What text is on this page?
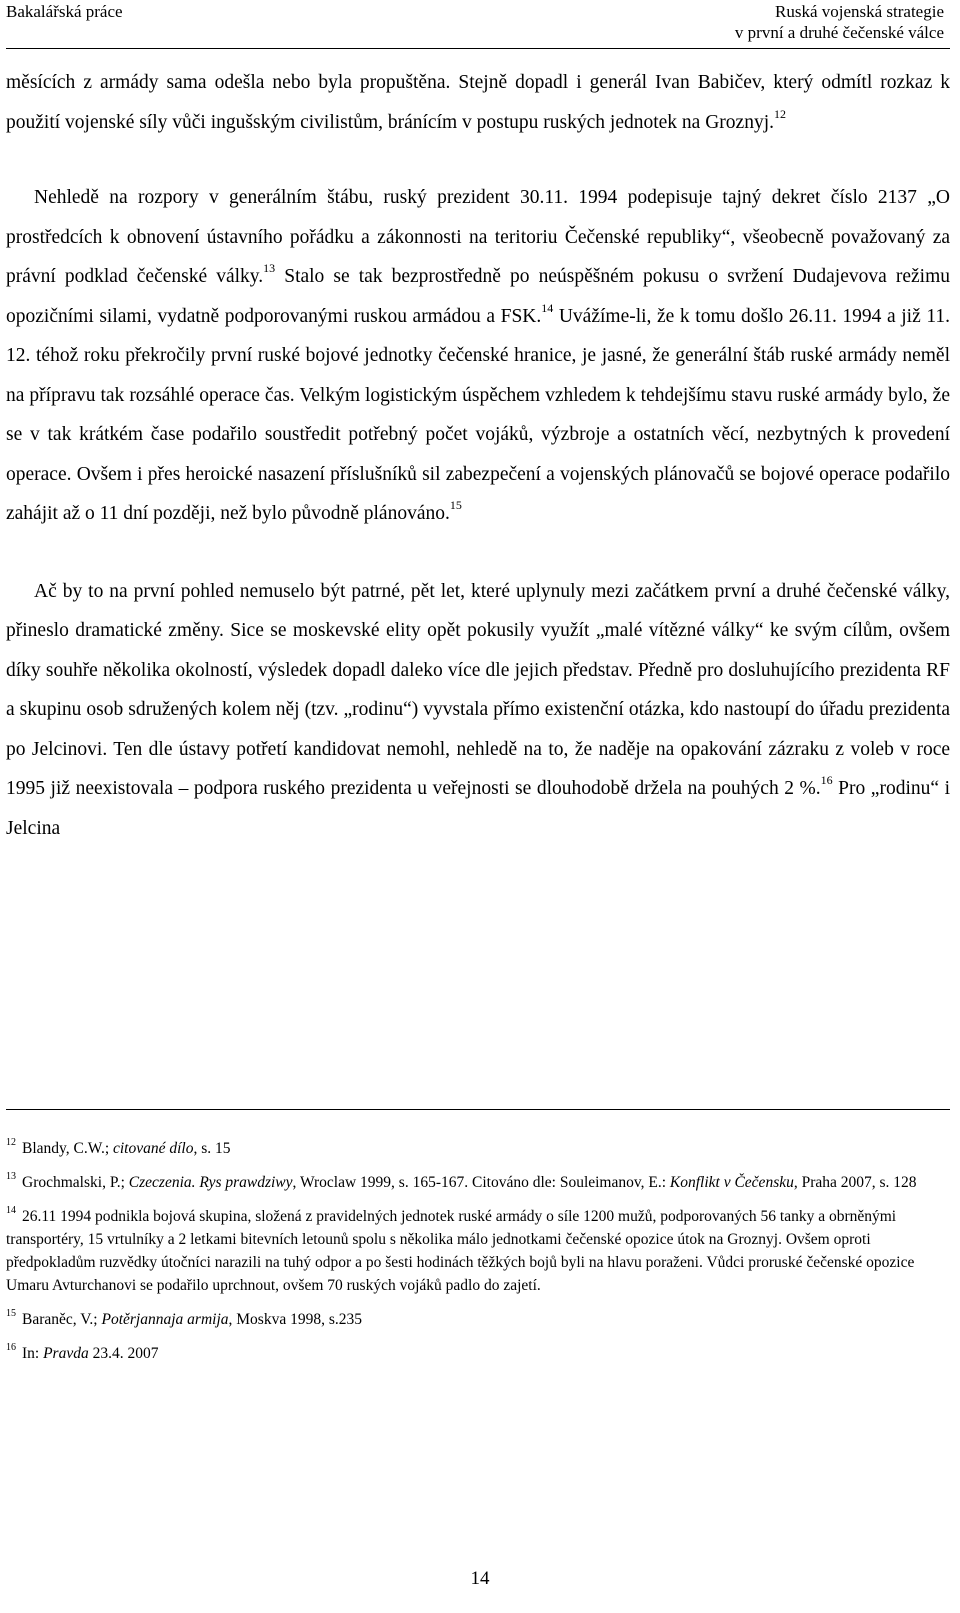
Bakalářská práce	Ruská vojenská strategie
v první a druhé čečenské válce

měsících z armády sama odešla nebo byla propuštěna. Stejně dopadl i generál Ivan Babičev, který odmítl rozkaz k použití vojenské síly vůči ingušským civilistům, bránícím v postupu ruských jednotek na Groznyj.$^{12}$

Nehledě na rozpory v generálním štábu, ruský prezident 30.11. 1994 podepisuje tajný dekret číslo 2137 „O prostředcích k obnovení ústavního pořádku a zákonnosti na teritoriu Čečenské republiky“, všeobecně považovaný za právní podklad čečenské války.$^{13}$ Stalo se tak bezprostředně po neúspěšném pokusu o svržení Dudajevova režimu opozičními silami, vydatně podporovanými ruskou armádou a FSK.$^{14}$ Uvážíme-li, že k tomu došlo 26.11. 1994 a již 11. 12. téhož roku překročily první ruské bojové jednotky čečenské hranice, je jasné, že generální štáb ruské armády neměl na přípravu tak rozsáhlé operace čas. Velkým logistickým úspěchem vzhledem k tehdejšímu stavu ruské armády bylo, že se v tak krátkém čase podařilo soustředit potřebný počet vojáků, výzbroje a ostatních věcí, nezbytných k provedení operace. Ovšem i přes heroické nasazení příslušníků sil zabezpečení a vojenských plánovačů se bojové operace podařilo zahájit až o 11 dní později, než bylo původně plánováno.$^{15}$

Ač by to na první pohled nemuselo být patrné, pět let, které uplynuly mezi začátkem první a druhé čečenské války, přineslo dramatické změny. Sice se moskevské elity opět pokusily využít „malé vítězné války“ ke svým cílům, ovšem díky souhře několika okolností, výsledek dopadl daleko více dle jejich představ. Předně pro dosluhujícího prezidenta RF a skupinu osob sdružených kolem něj (tzv. „rodinu“) vyvstala přímo existenční otázka, kdo nastoupí do úřadu prezidenta po Jelcinovi. Ten dle ústavy potřetí kandidovat nemohl, nehledě na to, že naděje na opakování zázraku z voleb v roce 1995 již neexistovala – podpora ruského prezidenta u veřejnosti se dlouhodobě držela na pouhých 2 %.$^{16}$ Pro „rodinu“ i Jelcina

$^{12}$ Blandy, C.W.; citované dílo, s. 15

$^{13}$ Grochmalski, P.; Czeczenia. Rys prawdziwy, Wroclaw 1999, s. 165-167. Citováno dle: Souleimanov, E.: Konflikt v Čečensku, Praha 2007, s. 128

$^{14}$ 26.11 1994 podnikla bojová skupina, složená z pravidelných jednotek ruské armády o síle 1200 mužů, podporovaných 56 tanky a obrněnými transportéry, 15 vrtulníky a 2 letkami bitevních letounů spolu s několika málo jednotkami čečenské opozice útok na Groznyj. Ovšem oproti předpokladům ruzvědky útočníci narazili na tuhý odpor a po šesti hodinách těžkých bojů byli na hlavu poraženi. Vůdci proruské čečenské opozice Umaru Avturchanovi se podařilo uprchnout, ovšem 70 ruských vojáků padlo do zajetí.

$^{15}$ Baraněc, V.; Potěrjannaja armija, Moskva 1998, s.235

$^{16}$ In: Pravda 23.4. 2007

14
